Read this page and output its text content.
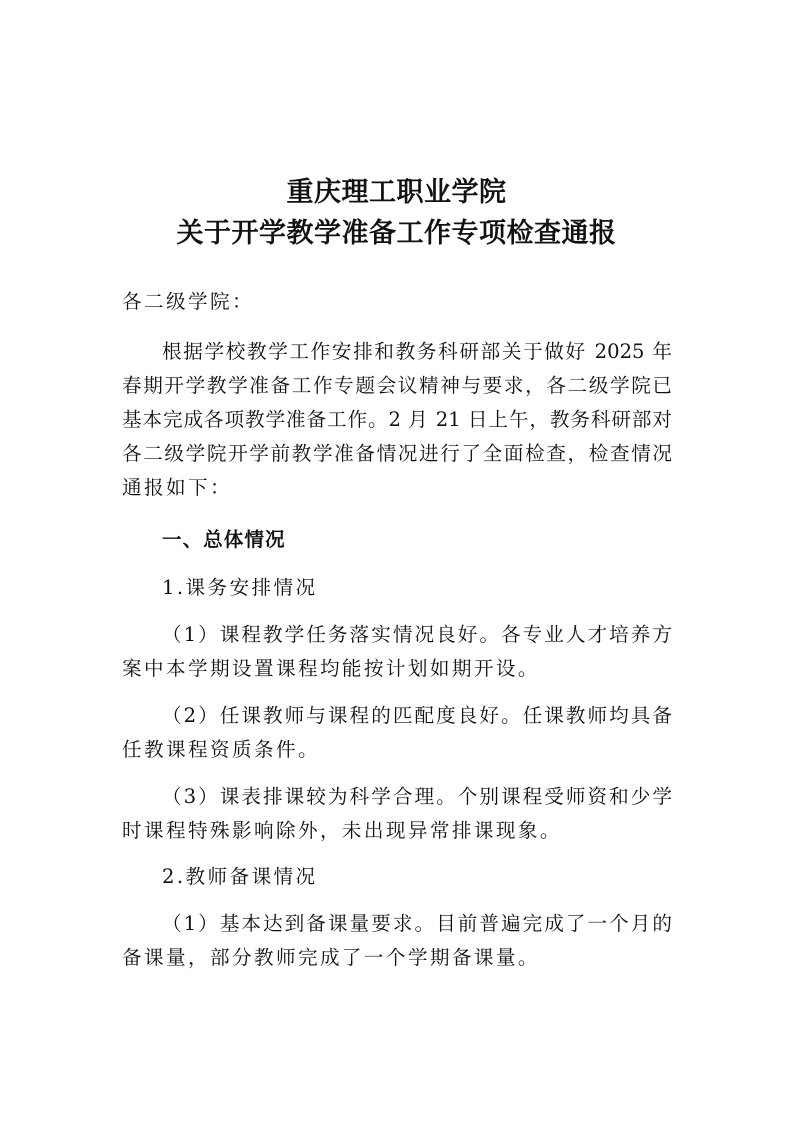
重庆理工职业学院
关于开学教学准备工作专项检查通报
各二级学院：
根据学校教学工作安排和教务科研部关于做好 2025 年
春期开学教学准备工作专题会议精神与要求，各二级学院已
基本完成各项教学准备工作。2 月 21 日上午，教务科研部对
各二级学院开学前教学准备情况进行了全面检查，检查情况
通报如下：
一、总体情况
1.课务安排情况
（1）课程教学任务落实情况良好。各专业人才培养方
案中本学期设置课程均能按计划如期开设。
（2）任课教师与课程的匹配度良好。任课教师均具备
任教课程资质条件。
（3）课表排课较为科学合理。个别课程受师资和少学
时课程特殊影响除外，未出现异常排课现象。
2.教师备课情况
（1）基本达到备课量要求。目前普遍完成了一个月的
备课量，部分教师完成了一个学期备课量。
